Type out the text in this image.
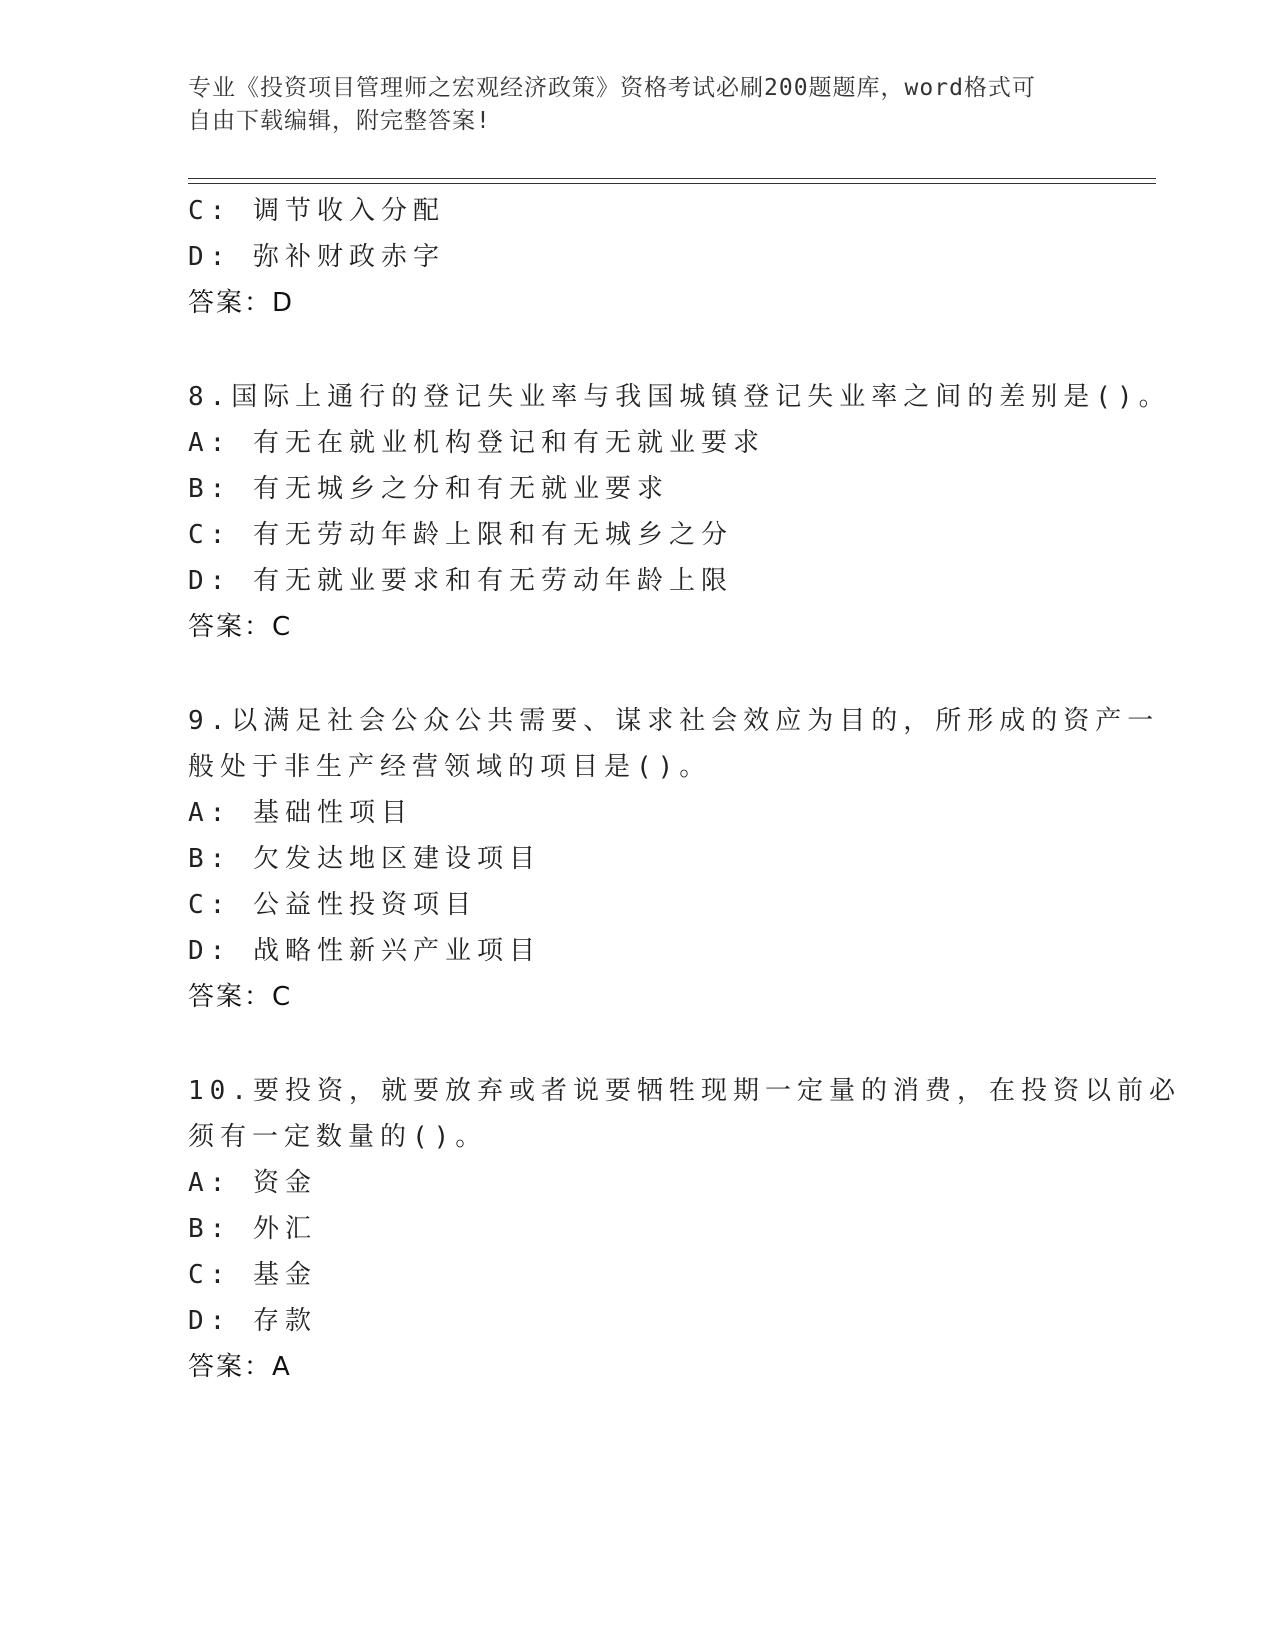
专业《投资项目管理师之宏观经济政策》资格考试必刷200题题库，word格式可
自由下载编辑，附完整答案!
C: 调节收入分配
D: 弥补财政赤字
答案：D
8.国际上通行的登记失业率与我国城镇登记失业率之间的差别是()。
A: 有无在就业机构登记和有无就业要求
B: 有无城乡之分和有无就业要求
C: 有无劳动年龄上限和有无城乡之分
D: 有无就业要求和有无劳动年龄上限
答案：C
9.以满足社会公众公共需要、谋求社会效应为目的，所形成的资产一
般处于非生产经营领域的项目是()。
A: 基础性项目
B: 欠发达地区建设项目
C: 公益性投资项目
D: 战略性新兴产业项目
答案：C
10.要投资，就要放弃或者说要牺牲现期一定量的消费，在投资以前必
须有一定数量的()。
A: 资金
B: 外汇
C: 基金
D: 存款
答案：A
